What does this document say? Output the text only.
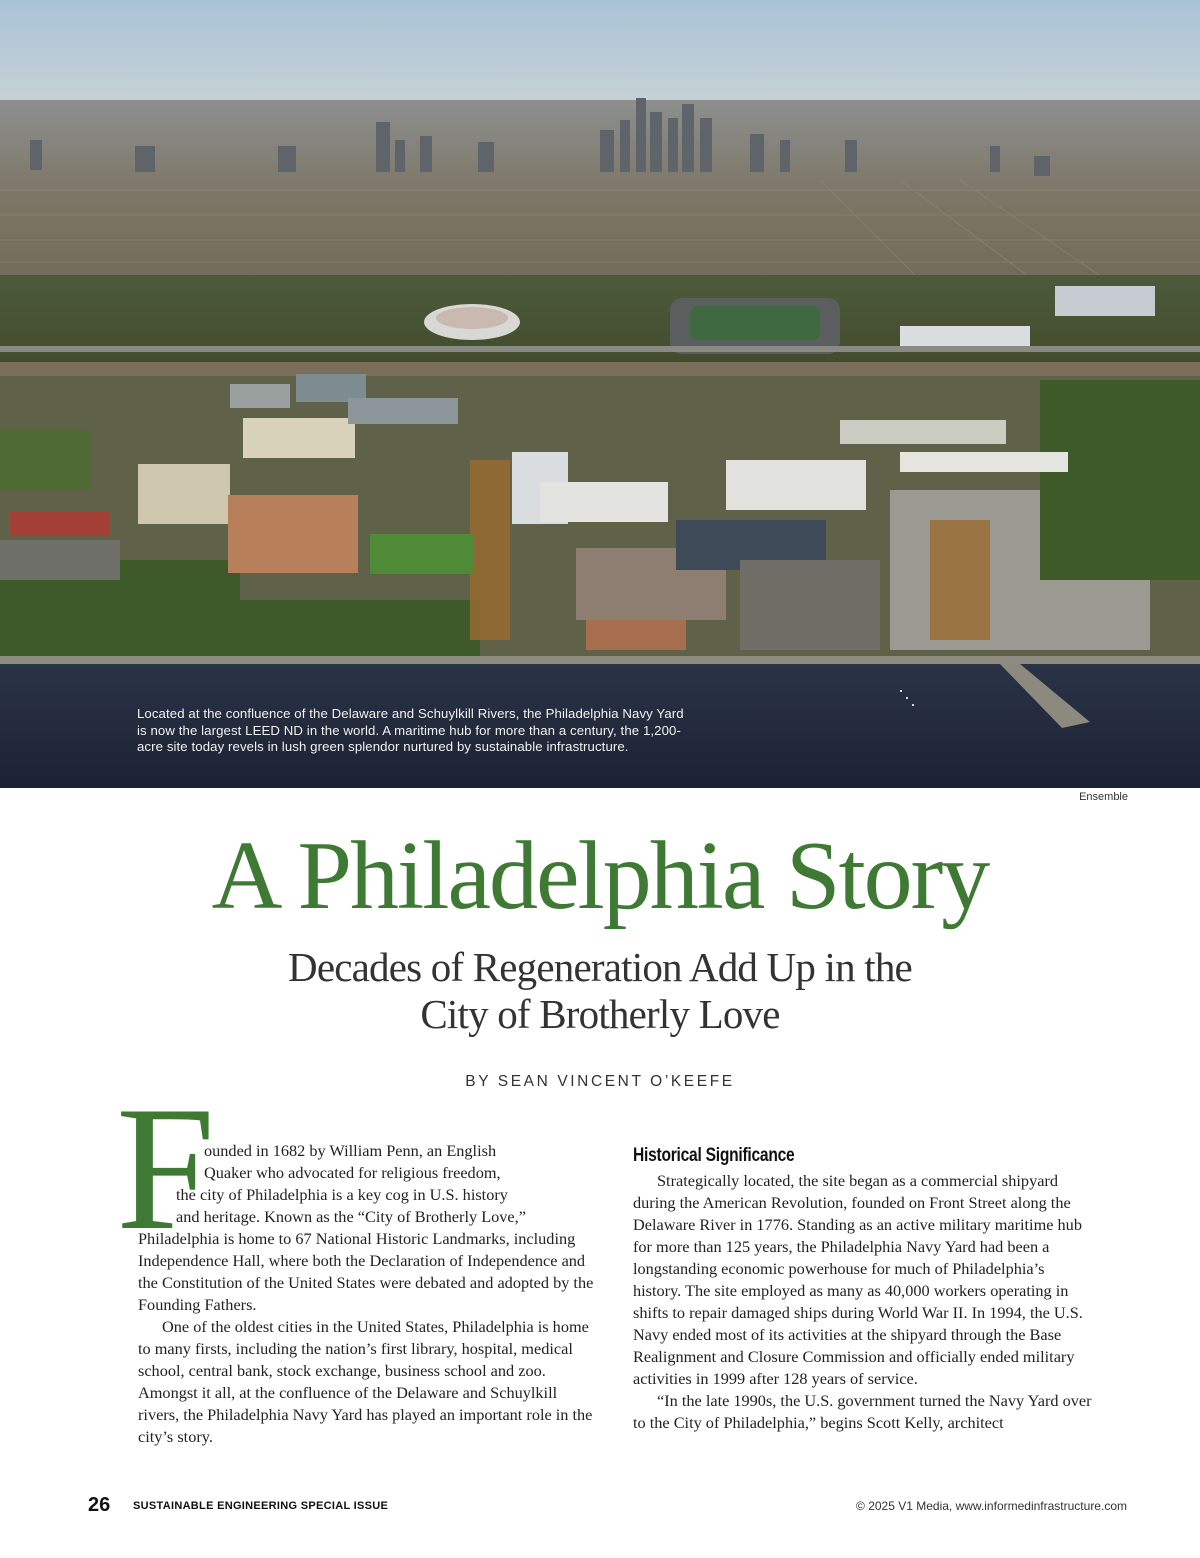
Located at the confluence of the Delaware and Schuylkill Rivers, the Philadelphia Navy Yard is now the largest LEED ND in the world. A maritime hub for more than a century, the 1,200-acre site today revels in lush green splendor nurtured by sustainable infrastructure.
Ensemble
A Philadelphia Story
Decades of Regeneration Add Up in the
City of Brotherly Love
BY SEAN VINCENT O’KEEFE
F

ounded in 1682 by William Penn, an English
Quaker who advocated for religious freedom,
the city of Philadelphia is a key cog in U.S. history
and heritage. Known as the “City of Brotherly Love,”
Philadelphia is home to 67 National Historic Landmarks, including Independence Hall, where both the Declaration of Independence and the Constitution of the United States were debated and adopted by the Founding Fathers.

One of the oldest cities in the United States, Philadelphia is home to many firsts, including the nation’s first library, hospital, medical school, central bank, stock exchange, business school and zoo. Amongst it all, at the confluence of the Delaware and Schuylkill rivers, the Philadelphia Navy Yard has played an important role in the city’s story.

Historical Significance

Strategically located, the site began as a commercial shipyard during the American Revolution, founded on Front Street along the Delaware River in 1776. Standing as an active military maritime hub for more than 125 years, the Philadelphia Navy Yard had been a longstanding economic powerhouse for much of Philadelphia’s history. The site employed as many as 40,000 workers operating in shifts to repair damaged ships during World War II. In 1994, the U.S. Navy ended most of its activities at the shipyard through the Base Realignment and Closure Commission and officially ended military activities in 1999 after 128 years of service.

“In the late 1990s, the U.S. government turned the Navy Yard over to the City of Philadelphia,” begins Scott Kelly, architect

26 SUSTAINABLE ENGINEERING SPECIAL ISSUE	© 2025 V1 Media, www.informedinfrastructure.com
